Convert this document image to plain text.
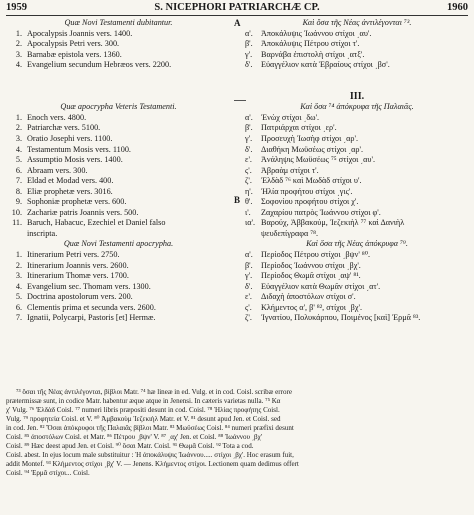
1959	S. NICEPHORI PATRIARCHÆ CP.	1960
A
B
Quæ Novi Testamenti dubitantur.
1. Apocalypsis Joannis vers. 1400.
2. Apocalypsis Petri vers. 300.
3. Barnabæ epistola vers. 1360.
4. Evangelium secundum Hebræos vers. 2200.
Quæ apocrypha Veteris Testamenti.
1. Enoch vers. 4800.
2. Patriarchæ vers. 5100.
3. Oratio Josephi vers. 1100.
4. Testamentum Mosis vers. 1100.
5. Assumptio Mosis vers. 1400.
6. Abraam vers. 300.
7. Eldad et Modad vers. 400.
8. Eliæ prophetæ vers. 3016.
9. Sophoniæ prophetæ vers. 600.
10. Zachariæ patris Joannis vers. 500.
11. Baruch, Habacuc, Ezechiel et Daniel falso
inscripta.
Quæ Novi Testamenti apocrypha.
1. Itinerarium Petri vers. 2750.
2. Itinerarium Joannis vers. 2600.
3. Itinerarium Thomæ vers. 1700.
4. Evangelium sec. Thomam vers. 1300.
5. Doctrina apostolorum vers. 200.
6. Clementis prima et secunda vers. 2600.
7. Ignatii, Polycarpi, Pastoris [et] Hermæ.
Καὶ ὅσα τῆς Νέας ἀντιλέγονται ⁷³.
α'. Ἀποκάλυψις Ἰωάννου στίχοι ͵αυ'.
β'. Ἀποκάλυψις Πέτρου στίχοι τ'.
γ'. Βαρνάβα ἐπιστολὴ στίχοι ͵ατξ'.
δ'. Εὐαγγέλιον κατὰ Ἑβραίους στίχοι ͵βσ'.
III.
Καὶ ὅσα ⁷⁴ ἀπόκρυφα τῆς Παλαιᾶς.
α'. Ἐνὼχ στίχοι ͵δω'.
β'. Πατριάρχαι στίχοι ͵ερ'.
γ'. Προσευχὴ Ἰωσὴφ στίχοι ͵αρ'.
δ'. Διαθήκη Μωϋσέως στίχοι ͵αρ'.
ε'. Ἀνάληψις Μωϋσέως ⁷⁵ στίχοι ͵αυ'.
ς'. Ἀβραὰμ στίχοι τ'.
ζ'. Ἐλδὰδ ⁷⁶ καὶ Μωδὰδ στίχοι υ'.
η'. Ἠλία προφήτου στίχοι ͵γις'.
θ'. Σοφονίου προφήτου στίχοι χ'.
ι'. Ζαχαρίου πατρὸς Ἰωάννου στίχοι φ'.
ια'. Βαρούχ, Ἀββακούμ, Ἰεζεκιὴλ ⁷⁷ καὶ Δανιὴλ
ψευδεπίγραφα ⁷⁸.
Καὶ ὅσα τῆς Νέας ἀπόκρυφα ⁷⁹.
α'. Περίοδος Πέτρου στίχοι ͵βψν' ⁸⁰.
β'. Περίοδος Ἰωάννου στίχοι ͵βχ'.
γ'. Περίοδος Θωμᾶ στίχοι ͵αψ' ⁸¹.
δ'. Εὐαγγέλιον κατὰ Θωμᾶν στίχοι ͵ατ'.
ε'. Διδαχὴ ἀποστόλων στίχοι σ'.
ς'. Κλήμεντος α', β' ⁸², στίχοι ͵βχ'.
ζ'. Ἰγνατίου, Πολυκάρπου, Ποιμένος [καὶ] Ἑρμᾶ ⁸³.
⁷³ ὅσαι τῆς Νέας ἀντιλέγονται, βίβλοι Matr. ⁷⁴ hæ lineæ in ed. Vulg. et in cod. Coisl. scribæ errore
prætermissæ sunt, in codice Matr. habentur æque atque in Jenensi. In cæteris varietas nulla. ⁷⁵ Κα
χ' Vulg. ⁷⁶ Ἐλδὰδ Coisl. ⁷⁷ numeri libris præpositi desunt in cod. Coisl. ⁷⁸ Ἠλίας προφήτης Coisl.
Vulg. ⁷⁹ προφητεία Coisl. et V. ⁸⁰ Ἀμβακοὺμ Ἰεζεκιὴλ Matr. et V. ⁸¹ desunt apud Jen. et Coisl. sed
in cod. Jen. ⁸² Ὅσαι ἀπόκρυφοι τῆς Παλαιᾶς βίβλοι Matr. ⁸³ Μωϋσέως Coisl. ⁸⁴ numeri præfixi desunt
Coisl. ⁸⁵ ἀποστόλων Coisl. et Matr. ⁸⁶ Πέτρου ͵βψν' V. ⁸⁷ ͵αχ' Jen. et Coisl. ⁸⁸ Ἰωάννου ͵βχ'
Coisl. ⁸⁹ Hæc deest apud Jen. et Coisl. ⁹⁰ ὅσαι Matr. Coisl. ⁹¹ Θωμᾶ Coisl. ⁹² Tota a cod.
Coisl. abest. In ejus locum male substituitur : Ἡ ἀποκάλυψις Ἰωάννου..... στίχοι ͵βχ'. Hoc erasum fuit,
addit Montef. ⁹³ Κλήμεντος στίχοι ͵βχ' V. — Jenens. Κλήμεντος στίχοι. Lectionem quam dedimus offert
Coisl. ⁹⁴ Ἑρμᾶ στίχοι... Coisl.
